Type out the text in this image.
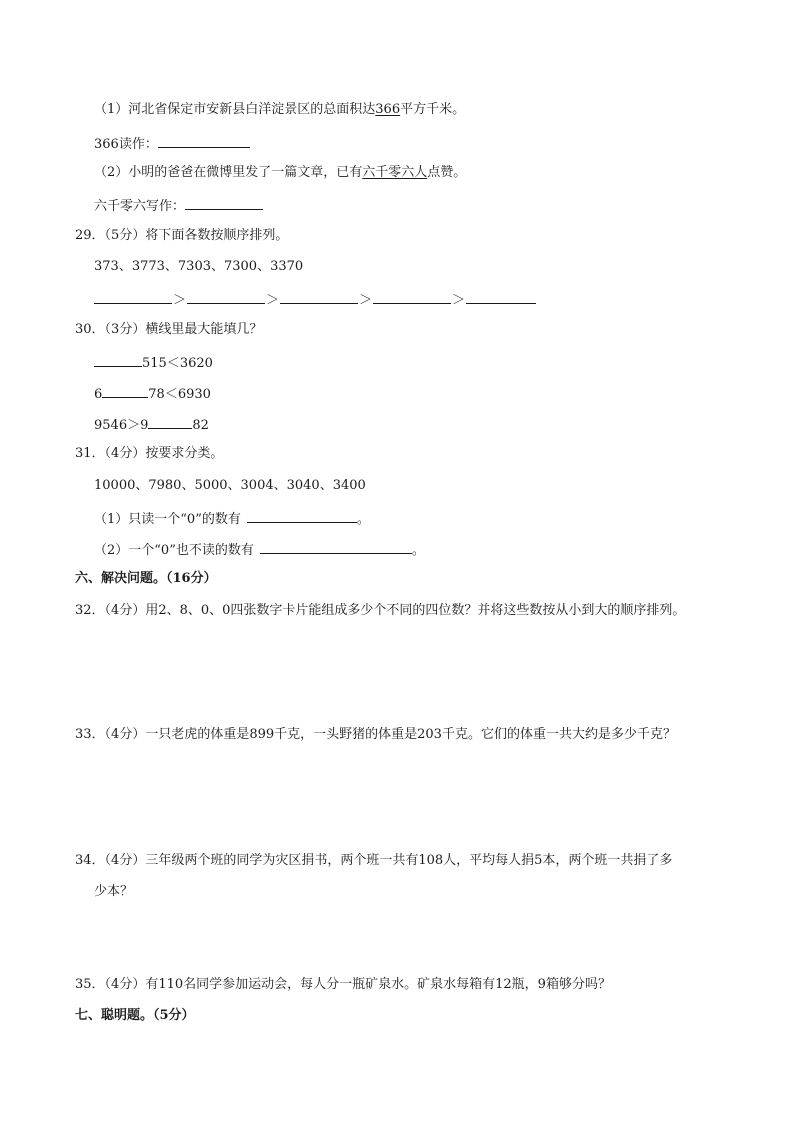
（1）河北省保定市安新县白洋淀景区的总面积达366平方千米。
366读作：
（2）小明的爸爸在微博里发了一篇文章，已有六千零六人点赞。
六千零六写作：
29．（5分）将下面各数按顺序排列。
373、3773、7303、7300、3370
＞	＞	＞	＞
30．（3分）横线里最大能填几？
515＜3620
6	78＜6930
9546＞9	82
31．（4分）按要求分类。
10000、7980、5000、3004、3040、3400
（1）只读一个“0”的数有	。
（2）一个“0”也不读的数有	。
六、解决问题。（16分）
32．（4分）用2、8、0、0四张数字卡片能组成多少个不同的四位数？并将这些数按从小到大的顺序排列。
33．（4分）一只老虎的体重是899千克，一头野猪的体重是203千克。它们的体重一共大约是多少千克？
34．（4分）三年级两个班的同学为灾区捐书，两个班一共有108人，平均每人捐5本，两个班一共捐了多
少本？
35．（4分）有110名同学参加运动会，每人分一瓶矿泉水。矿泉水每箱有12瓶，9箱够分吗？
七、聪明题。（5分）
